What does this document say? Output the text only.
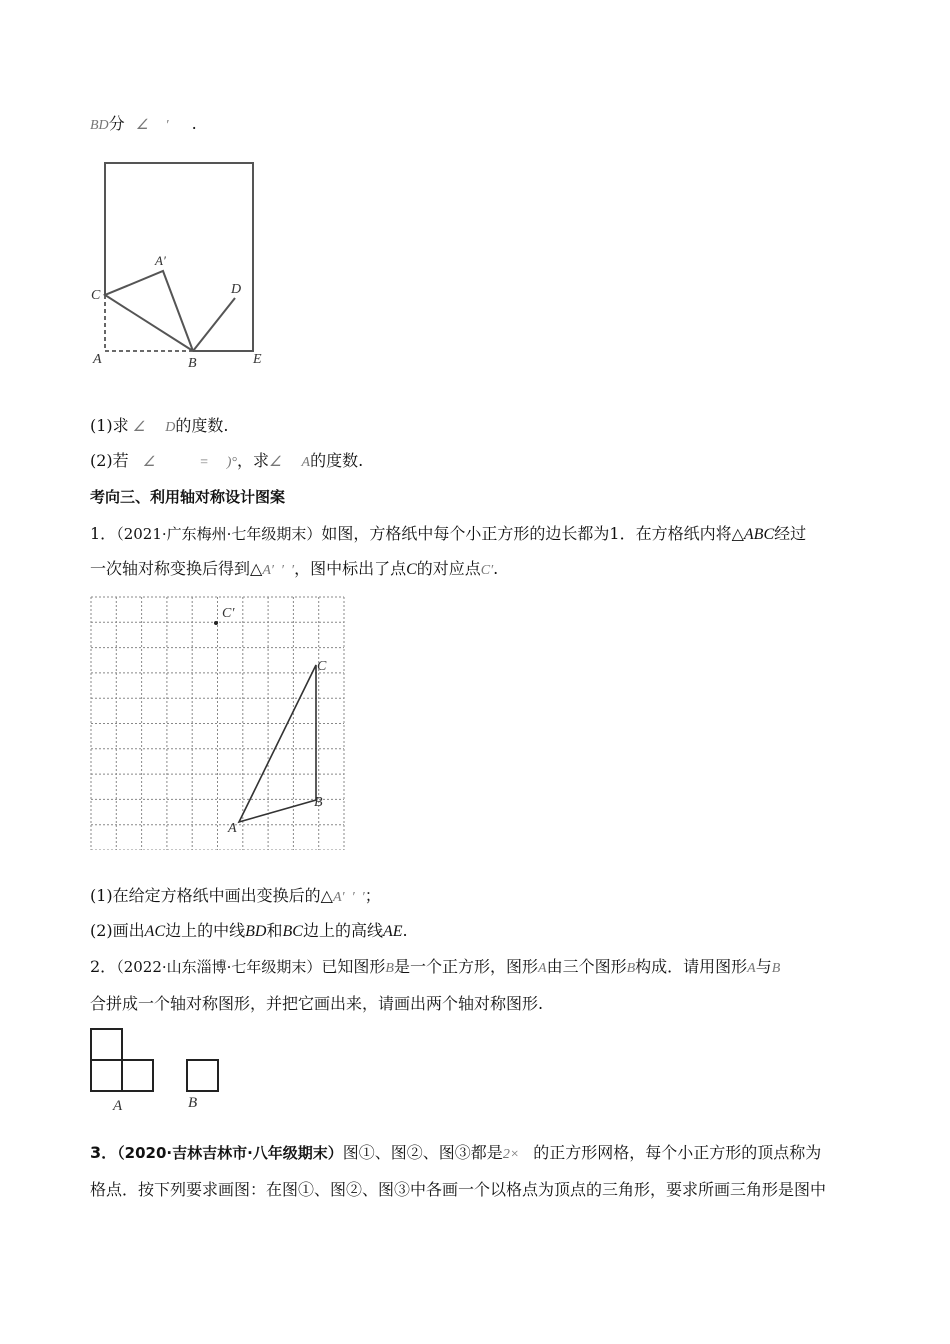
BD分 ∠ ′ .
C
A′
D
A	B	E
(1)求 ∠ D的度数.
(2)若 ∠	= )°，求∠ A的度数.
考向三、利用轴对称设计图案
1．（2021·广东梅州·七年级期末）如图，方格纸中每个小正方形的边长都为1．在方格纸内将△ABC经过
一次轴对称变换后得到△A′  ′  ′，图中标出了点C的对应点C′.
C′
C
B
A
(1)在给定方格纸中画出变换后的△A′  ′  ′；
(2)画出AC边上的中线BD和BC边上的高线AE.
2．（2022·山东淄博·七年级期末）已知图形B是一个正方形，图形A由三个图形B构成．请用图形A与B
合拼成一个轴对称图形，并把它画出来，请画出两个轴对称图形.
A	B
3．（2020·吉林吉林市·八年级期末）图①、图②、图③都是2× 的正方形网格，每个小正方形的顶点称为
格点．按下列要求画图：在图①、图②、图③中各画一个以格点为顶点的三角形，要求所画三角形是图中
